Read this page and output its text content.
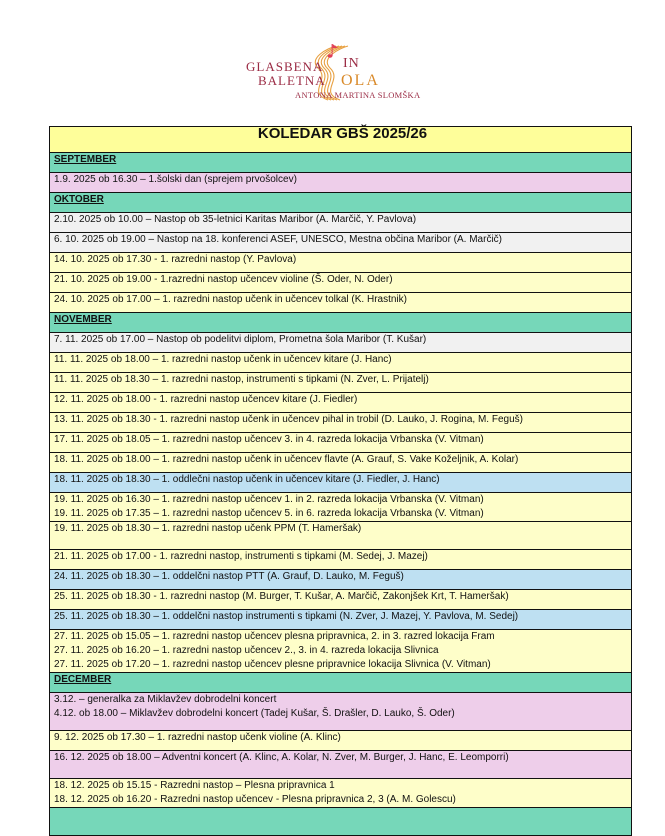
GLASBENA
BALETNA
IN
OLA
ANTONA MARTINA SLOMŠKA
KOLEDAR GBŠ 2025/26
SEPTEMBER

1.9. 2025 ob 16.30 – 1.šolski dan (sprejem prvošolcev)

OKTOBER

2.10. 2025 ob 10.00 – Nastop ob 35-letnici Karitas Maribor (A. Marčič, Y. Pavlova)

6. 10. 2025 ob 19.00 – Nastop na 18. konferenci ASEF, UNESCO, Mestna občina Maribor (A. Marčič)

14. 10. 2025 ob 17.30 - 1. razredni nastop (Y. Pavlova)

21. 10. 2025 ob 19.00 - 1.razredni nastop učencev violine (Š. Oder, N. Oder)

24. 10. 2025 ob 17.00 – 1. razredni nastop učenk in učencev tolkal (K. Hrastnik)

NOVEMBER

7. 11. 2025 ob 17.00 – Nastop ob podelitvi diplom, Prometna šola Maribor (T. Kušar)

11. 11. 2025 ob 18.00 – 1. razredni nastop učenk in učencev kitare (J. Hanc)

11. 11. 2025 ob 18.30 – 1. razredni nastop, instrumenti s tipkami (N. Zver, L. Prijatelj)

12. 11. 2025 ob 18.00 - 1. razredni nastop učencev kitare (J. Fiedler)

13. 11. 2025 ob 18.30 - 1. razredni nastop učenk in učencev pihal in trobil (D. Lauko, J. Rogina, M. Feguš)

17. 11. 2025 ob 18.05 – 1. razredni nastop učencev 3. in 4. razreda lokacija Vrbanska (V. Vitman)

18. 11. 2025 ob 18.00 – 1. razredni nastop učenk in učencev flavte (A. Grauf, S. Vake Koželjnik, A. Kolar)

18. 11. 2025 ob 18.30 – 1. oddlečni nastop učenk in učencev kitare (J. Fiedler, J. Hanc)

19. 11. 2025 ob 16.30 – 1. razredni nastop učencev 1. in 2. razreda lokacija Vrbanska (V. Vitman)
19. 11. 2025 ob 17.35 – 1. razredni nastop učencev 5. in 6. razreda lokacija Vrbanska (V. Vitman)

19. 11. 2025 ob 18.30 – 1. razredni nastop učenk PPM (T. Hameršak)

21. 11. 2025 ob 17.00 - 1. razredni nastop, instrumenti s tipkami (M. Sedej, J. Mazej)

24. 11. 2025 ob 18.30 – 1. oddelčni nastop PTT (A. Grauf, D. Lauko, M. Feguš)

25. 11. 2025 ob 18.30 - 1. razredni nastop (M. Burger, T. Kušar, A. Marčič, Zakonjšek Krt, T. Hameršak)

25. 11. 2025 ob 18.30 – 1. oddelčni nastop instrumenti s tipkami (N. Zver, J. Mazej, Y. Pavlova, M. Sedej)

27. 11. 2025 ob 15.05 – 1. razredni nastop učencev plesna pripravnica, 2. in 3. razred lokacija Fram
27. 11. 2025 ob 16.20 – 1. razredni nastop učencev 2., 3. in 4. razreda lokacija Slivnica
27. 11. 2025 ob 17.20 – 1. razredni nastop učencev plesne pripravnice lokacija Slivnica (V. Vitman)

DECEMBER

3.12. – generalka za Miklavžev dobrodelni koncert
4.12. ob 18.00 – Miklavžev dobrodelni koncert (Tadej Kušar, Š. Drašler, D. Lauko, Š. Oder)

9. 12. 2025 ob 17.30 – 1. razredni nastop učenk violine (A. Klinc)

16. 12. 2025 ob 18.00 – Adventni koncert (A. Klinc, A. Kolar, N. Zver, M. Burger, J. Hanc, E. Leomporri)

18. 12. 2025 ob 15.15 - Razredni nastop – Plesna pripravnica 1
18. 12. 2025 ob 16.20 - Razredni nastop učencev - Plesna pripravnica 2, 3 (A. M. Golescu)
